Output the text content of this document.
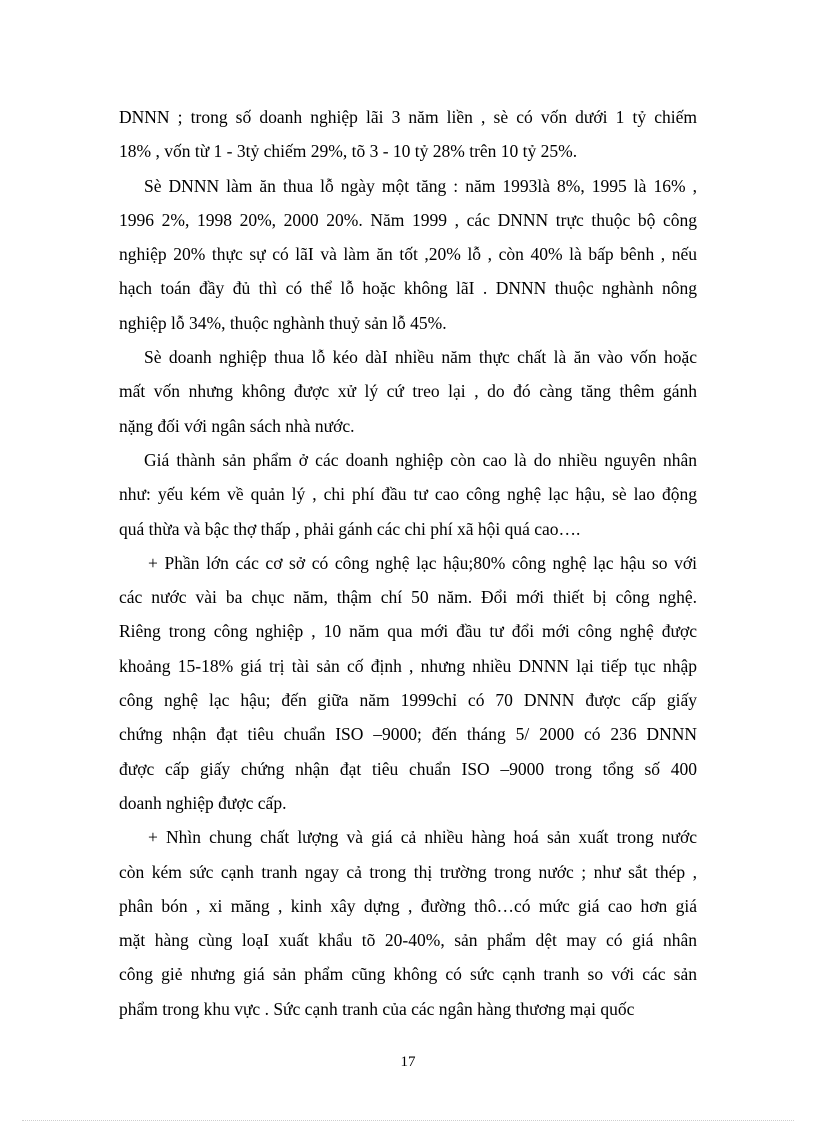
DNNN ; trong số doanh nghiệp lãi 3 năm liền , sè có vốn dưới 1 tỷ chiếm
18% , vốn từ 1 - 3tỷ chiếm 29%, tõ 3 - 10 tỷ 28% trên 10 tỷ 25%.
Sè DNNN làm ăn thua lỗ ngày một tăng : năm 1993là 8%, 1995 là 16% ,
1996 2%, 1998 20%, 2000 20%. Năm 1999 , các DNNN trực thuộc bộ công
nghiệp 20% thực sự có lãI và làm ăn tốt ,20% lỗ , còn 40% là bấp bênh , nếu
hạch toán đầy đủ thì có thể lỗ hoặc không lãI . DNNN thuộc nghành nông
nghiệp lỗ 34%, thuộc nghành thuỷ sản lỗ 45%.
Sè doanh nghiệp thua lỗ kéo dàI nhiều năm thực chất là ăn vào vốn hoặc
mất vốn nhưng không được xử lý cứ treo lại , do đó càng tăng thêm gánh
nặng đối với ngân sách nhà nước.
Giá thành sản phẩm ở các doanh nghiệp còn cao là do nhiều nguyên nhân
như: yếu kém về quản lý , chi phí đầu tư cao công nghệ lạc hậu, sè lao động
quá thừa và bậc thợ thấp , phải gánh các chi phí xã hội quá cao….
+ Phần lớn các cơ sở có công nghệ lạc hậu;80% công nghệ lạc hậu so với
các nước vài ba chục năm, thậm chí 50 năm. Đổi mới thiết bị công nghệ.
Riêng trong công nghiệp , 10 năm qua mới đầu tư đổi mới công nghệ được
khoảng 15-18% giá trị tài sản cố định , nhưng nhiều DNNN lại tiếp tục nhập
công nghệ lạc hậu; đến giữa năm 1999chỉ có 70 DNNN được cấp giấy
chứng nhận đạt tiêu chuẩn ISO –9000; đến tháng 5/ 2000 có 236 DNNN
được cấp giấy chứng nhận đạt tiêu chuẩn ISO –9000 trong tổng số 400
doanh nghiệp được cấp.
+ Nhìn chung chất lượng và giá cả nhiều hàng hoá sản xuất trong nước
còn kém sức cạnh tranh ngay cả trong thị trường trong nước ; như sắt thép ,
phân bón , xi măng , kinh xây dựng , đường thô…có mức giá cao hơn giá
mặt hàng cùng loạI xuất khẩu tõ 20-40%, sản phẩm dệt may có giá nhân
công giẻ nhưng giá sản phẩm cũng không có sức cạnh tranh so với các sản
phẩm trong khu vực . Sức cạnh tranh của các ngân hàng thương mại quốc
17
